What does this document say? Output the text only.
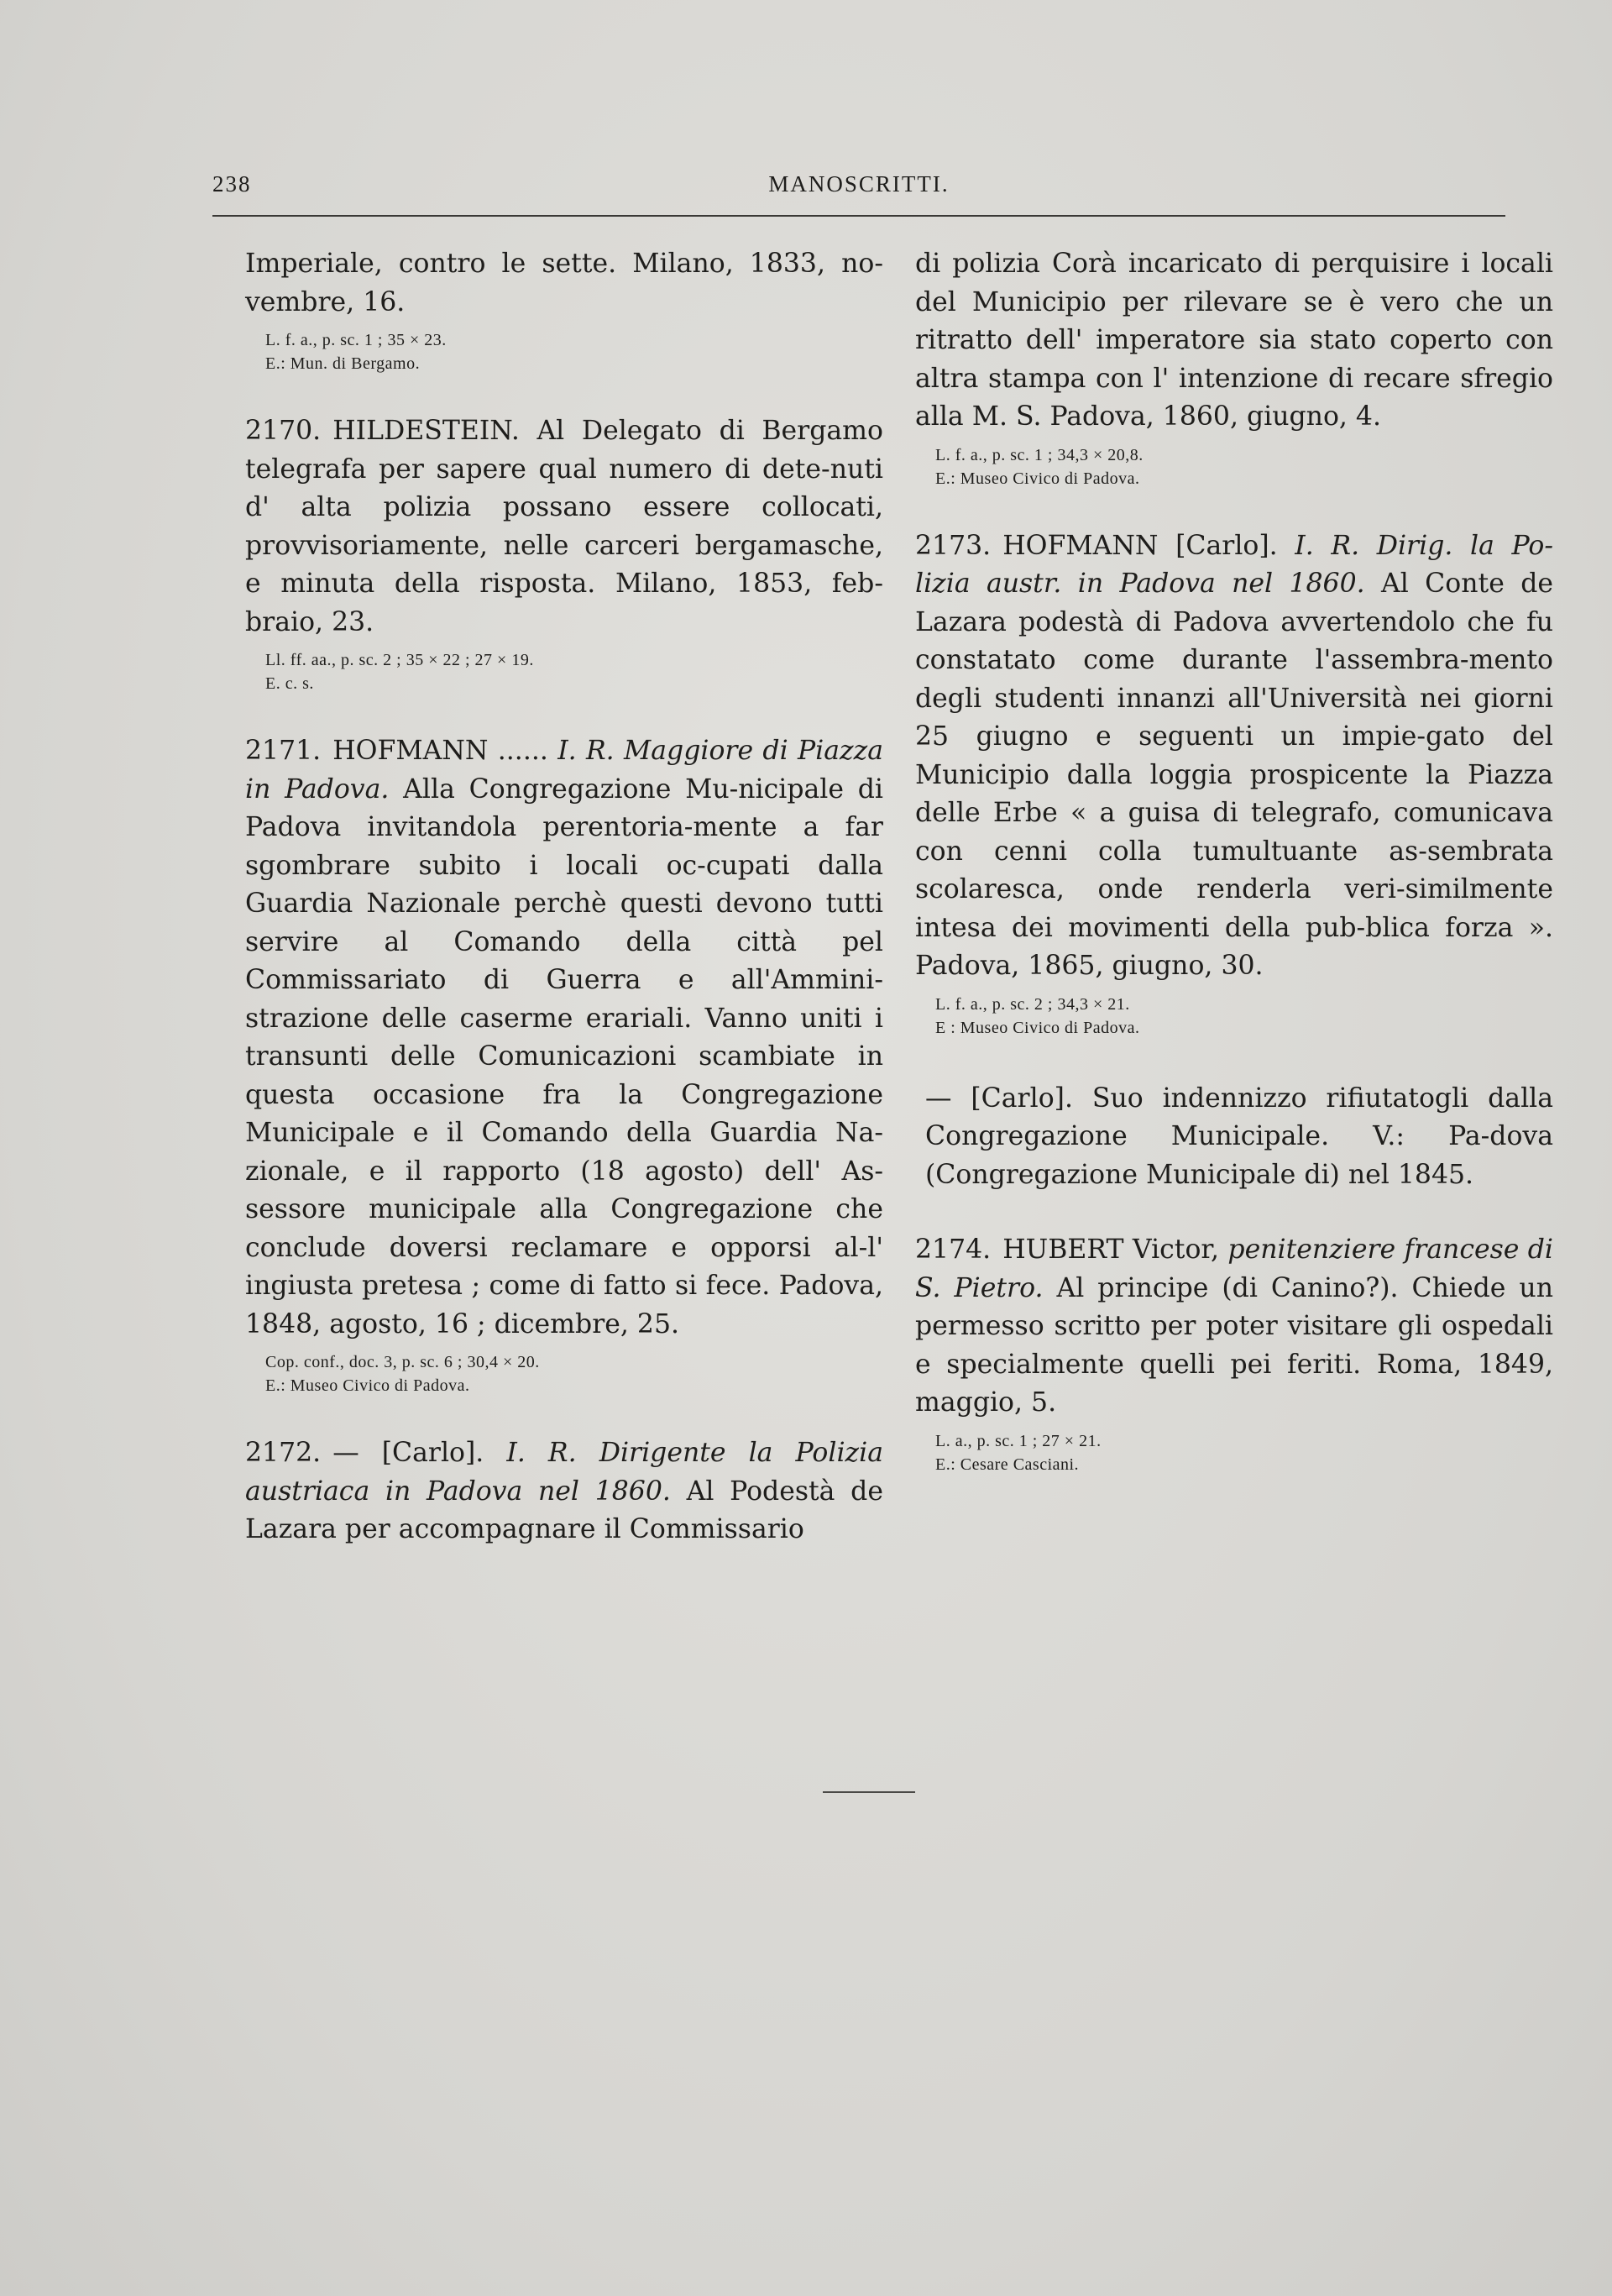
238	MANOSCRITTI.

Imperiale, contro le sette. Milano, 1833, no-vembre, 16.

L. f. a., p. sc. 1 ; 35 × 23.
E.: Mun. di Bergamo.

2170. HILDESTEIN. Al Delegato di Bergamo telegrafa per sapere qual numero di dete-nuti d' alta polizia possano essere collocati, provvisoriamente, nelle carceri bergamasche, e minuta della risposta. Milano, 1853, feb-braio, 23.

Ll. ff. aa., p. sc. 2 ; 35 × 22 ; 27 × 19.
E. c. s.

2171. HOFMANN ...... I. R. Maggiore di Piazza in Padova. Alla Congregazione Mu-nicipale di Padova invitandola perentoria-mente a far sgombrare subito i locali oc-cupati dalla Guardia Nazionale perchè questi devono tutti servire al Comando della città pel Commissariato di Guerra e all'Ammini-strazione delle caserme erariali. Vanno uniti i transunti delle Comunicazioni scambiate in questa occasione fra la Congregazione Municipale e il Comando della Guardia Na-zionale, e il rapporto (18 agosto) dell' As-sessore municipale alla Congregazione che conclude doversi reclamare e opporsi al-l' ingiusta pretesa ; come di fatto si fece. Padova, 1848, agosto, 16 ; dicembre, 25.

Cop. conf., doc. 3, p. sc. 6 ; 30,4 × 20.
E.: Museo Civico di Padova.

2172. — [Carlo]. I. R. Dirigente la Polizia austriaca in Padova nel 1860. Al Podestà de Lazara per accompagnare il Commissario

di polizia Corà incaricato di perquisire i locali del Municipio per rilevare se è vero che un ritratto dell' imperatore sia stato coperto con altra stampa con l' intenzione di recare sfregio alla M. S. Padova, 1860, giugno, 4.

L. f. a., p. sc. 1 ; 34,3 × 20,8.
E.: Museo Civico di Padova.

2173. HOFMANN [Carlo]. I. R. Dirig. la Po-lizia austr. in Padova nel 1860. Al Conte de Lazara podestà di Padova avvertendolo che fu constatato come durante l'assembra-mento degli studenti innanzi all'Università nei giorni 25 giugno e seguenti un impie-gato del Municipio dalla loggia prospicente la Piazza delle Erbe « a guisa di telegrafo, comunicava con cenni colla tumultuante as-sembrata scolaresca, onde renderla veri-similmente intesa dei movimenti della pub-blica forza ». Padova, 1865, giugno, 30.

L. f. a., p. sc. 2 ; 34,3 × 21.
E : Museo Civico di Padova.

— [Carlo]. Suo indennizzo rifiutatogli dalla Congregazione Municipale. V.: Pa-dova (Congregazione Municipale di) nel 1845.

2174. HUBERT Victor, penitenziere francese di S. Pietro. Al principe (di Canino?). Chiede un permesso scritto per poter visitare gli ospedali e specialmente quelli pei feriti. Roma, 1849, maggio, 5.

L. a., p. sc. 1 ; 27 × 21.
E.: Cesare Casciani.
